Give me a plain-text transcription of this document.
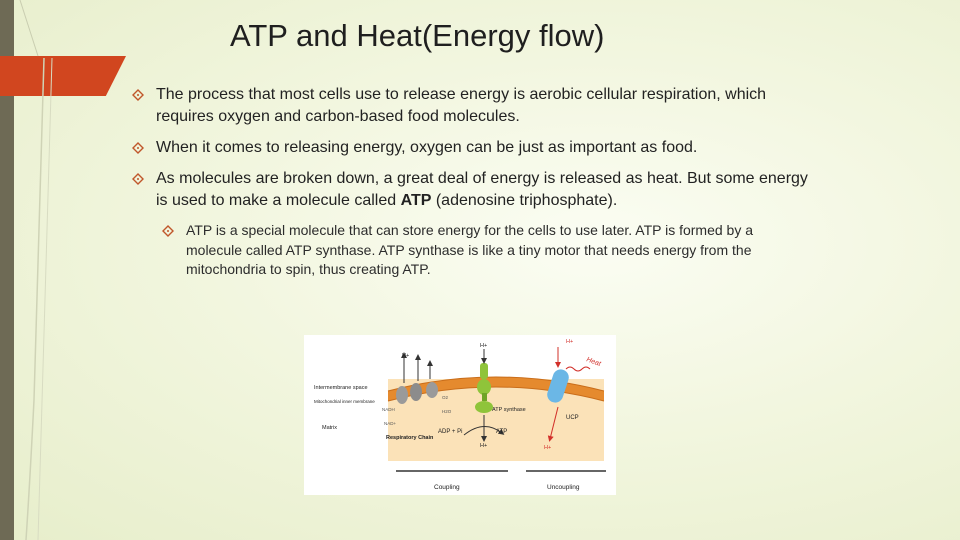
ATP and Heat(Energy flow)
The process that most cells use to release energy is aerobic cellular respiration, which requires oxygen and carbon-based food molecules.
When it comes to releasing energy, oxygen can be just as important as food.
As molecules are broken down, a great deal of energy is released as heat. But some energy is used to make a molecule called ATP (adenosine triphosphate).
ATP is a special molecule that can store energy for the cells to use later. ATP is formed by a molecule called ATP synthase. ATP synthase is like a tiny motor that needs energy from the mitochondria to spin, thus creating ATP.
Intermembrane space
Mitochondrial inner membrane
Matrix
Respiratory Chain
H+
NADH
NAD+
O2
H2O
H+
ATP synthase
ADP + Pi	ATP
H+
UCP
Heat
H+
H+
Coupling	Uncoupling
